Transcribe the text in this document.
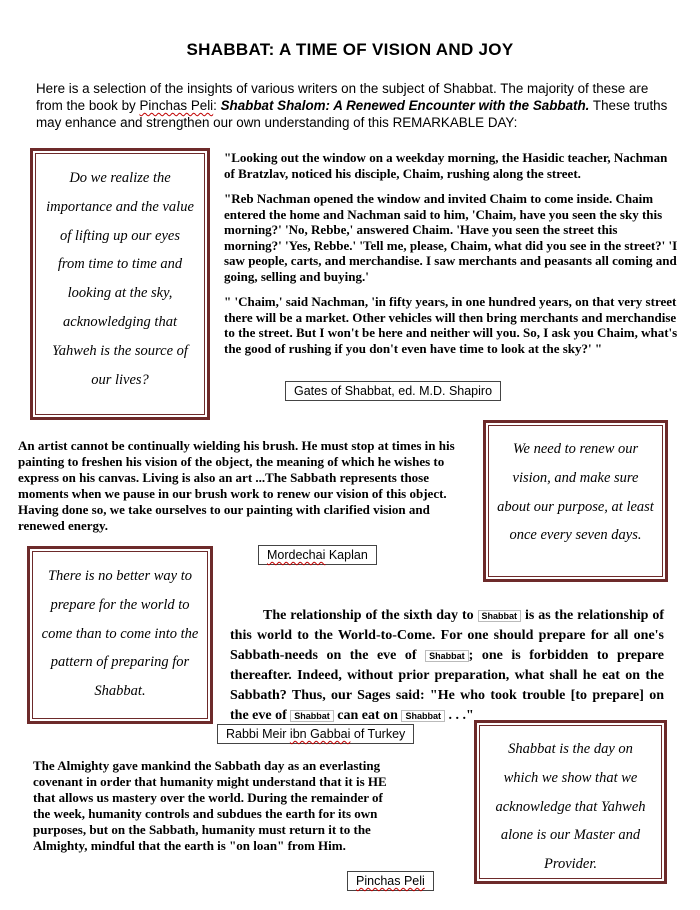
SHABBAT: A TIME OF VISION AND JOY
Here is a selection of the insights of various writers on the subject of Shabbat. The majority of these are from the book by Pinchas Peli: Shabbat Shalom: A Renewed Encounter with the Sabbath. These truths may enhance and strengthen our own understanding of this REMARKABLE DAY:
Do we realize the importance and the value of lifting up our eyes from time to time and looking at the sky, acknowledging that Yahweh is the source of our lives?

"Looking out the window on a weekday morning, the Hasidic teacher, Nachman of Bratzlav, noticed his disciple, Chaim, rushing along the street.

"Reb Nachman opened the window and invited Chaim to come inside. Chaim entered the home and Nachman said to him, 'Chaim, have you seen the sky this morning?' 'No, Rebbe,' answered Chaim. 'Have you seen the street this morning?' 'Yes, Rebbe.' 'Tell me, please, Chaim, what did you see in the street?' 'I saw people, carts, and merchandise. I saw merchants and peasants all coming and going, selling and buying.'

" 'Chaim,' said Nachman, 'in fifty years, in one hundred years, on that very street there will be a market. Other vehicles will then bring merchants and merchandise to the street. But I won't be here and neither will you. So, I ask you Chaim, what's the good of rushing if you don't even have time to look at the sky?' "

Gates of Shabbat, ed. M.D. Shapiro
An artist cannot be continually wielding his brush. He must stop at times in his painting to freshen his vision of the object, the meaning of which he wishes to express on his canvas. Living is also an art ...The Sabbath represents those moments when we pause in our brush work to renew our vision of this object. Having done so, we take ourselves to our painting with clarified vision and renewed energy.
Mordechai Kaplan
We need to renew our vision, and make sure about our purpose, at least once every seven days.
There is no better way to prepare for the world to come than to come into the pattern of preparing for Shabbat.
The relationship of the sixth day to Shabbat is as the relationship of this world to the World-to-Come. For one should prepare for all one's Sabbath-needs on the eve of Shabbat ; one is forbidden to prepare thereafter. Indeed, without prior preparation, what shall he eat on the Sabbath? Thus, our Sages said: "He who took trouble [to prepare] on the eve of Shabbat can eat on Shabbat . . ."
Rabbi Meir ibn Gabbai of Turkey
The Almighty gave mankind the Sabbath day as an everlasting covenant in order that humanity might understand that it is HE that allows us mastery over the world. During the remainder of the week, humanity controls and subdues the earth for its own purposes, but on the Sabbath, humanity must return it to the Almighty, mindful that the earth is "on loan" from Him.
Pinchas Peli
Shabbat is the day on which we show that we acknowledge that Yahweh alone is our Master and Provider.
